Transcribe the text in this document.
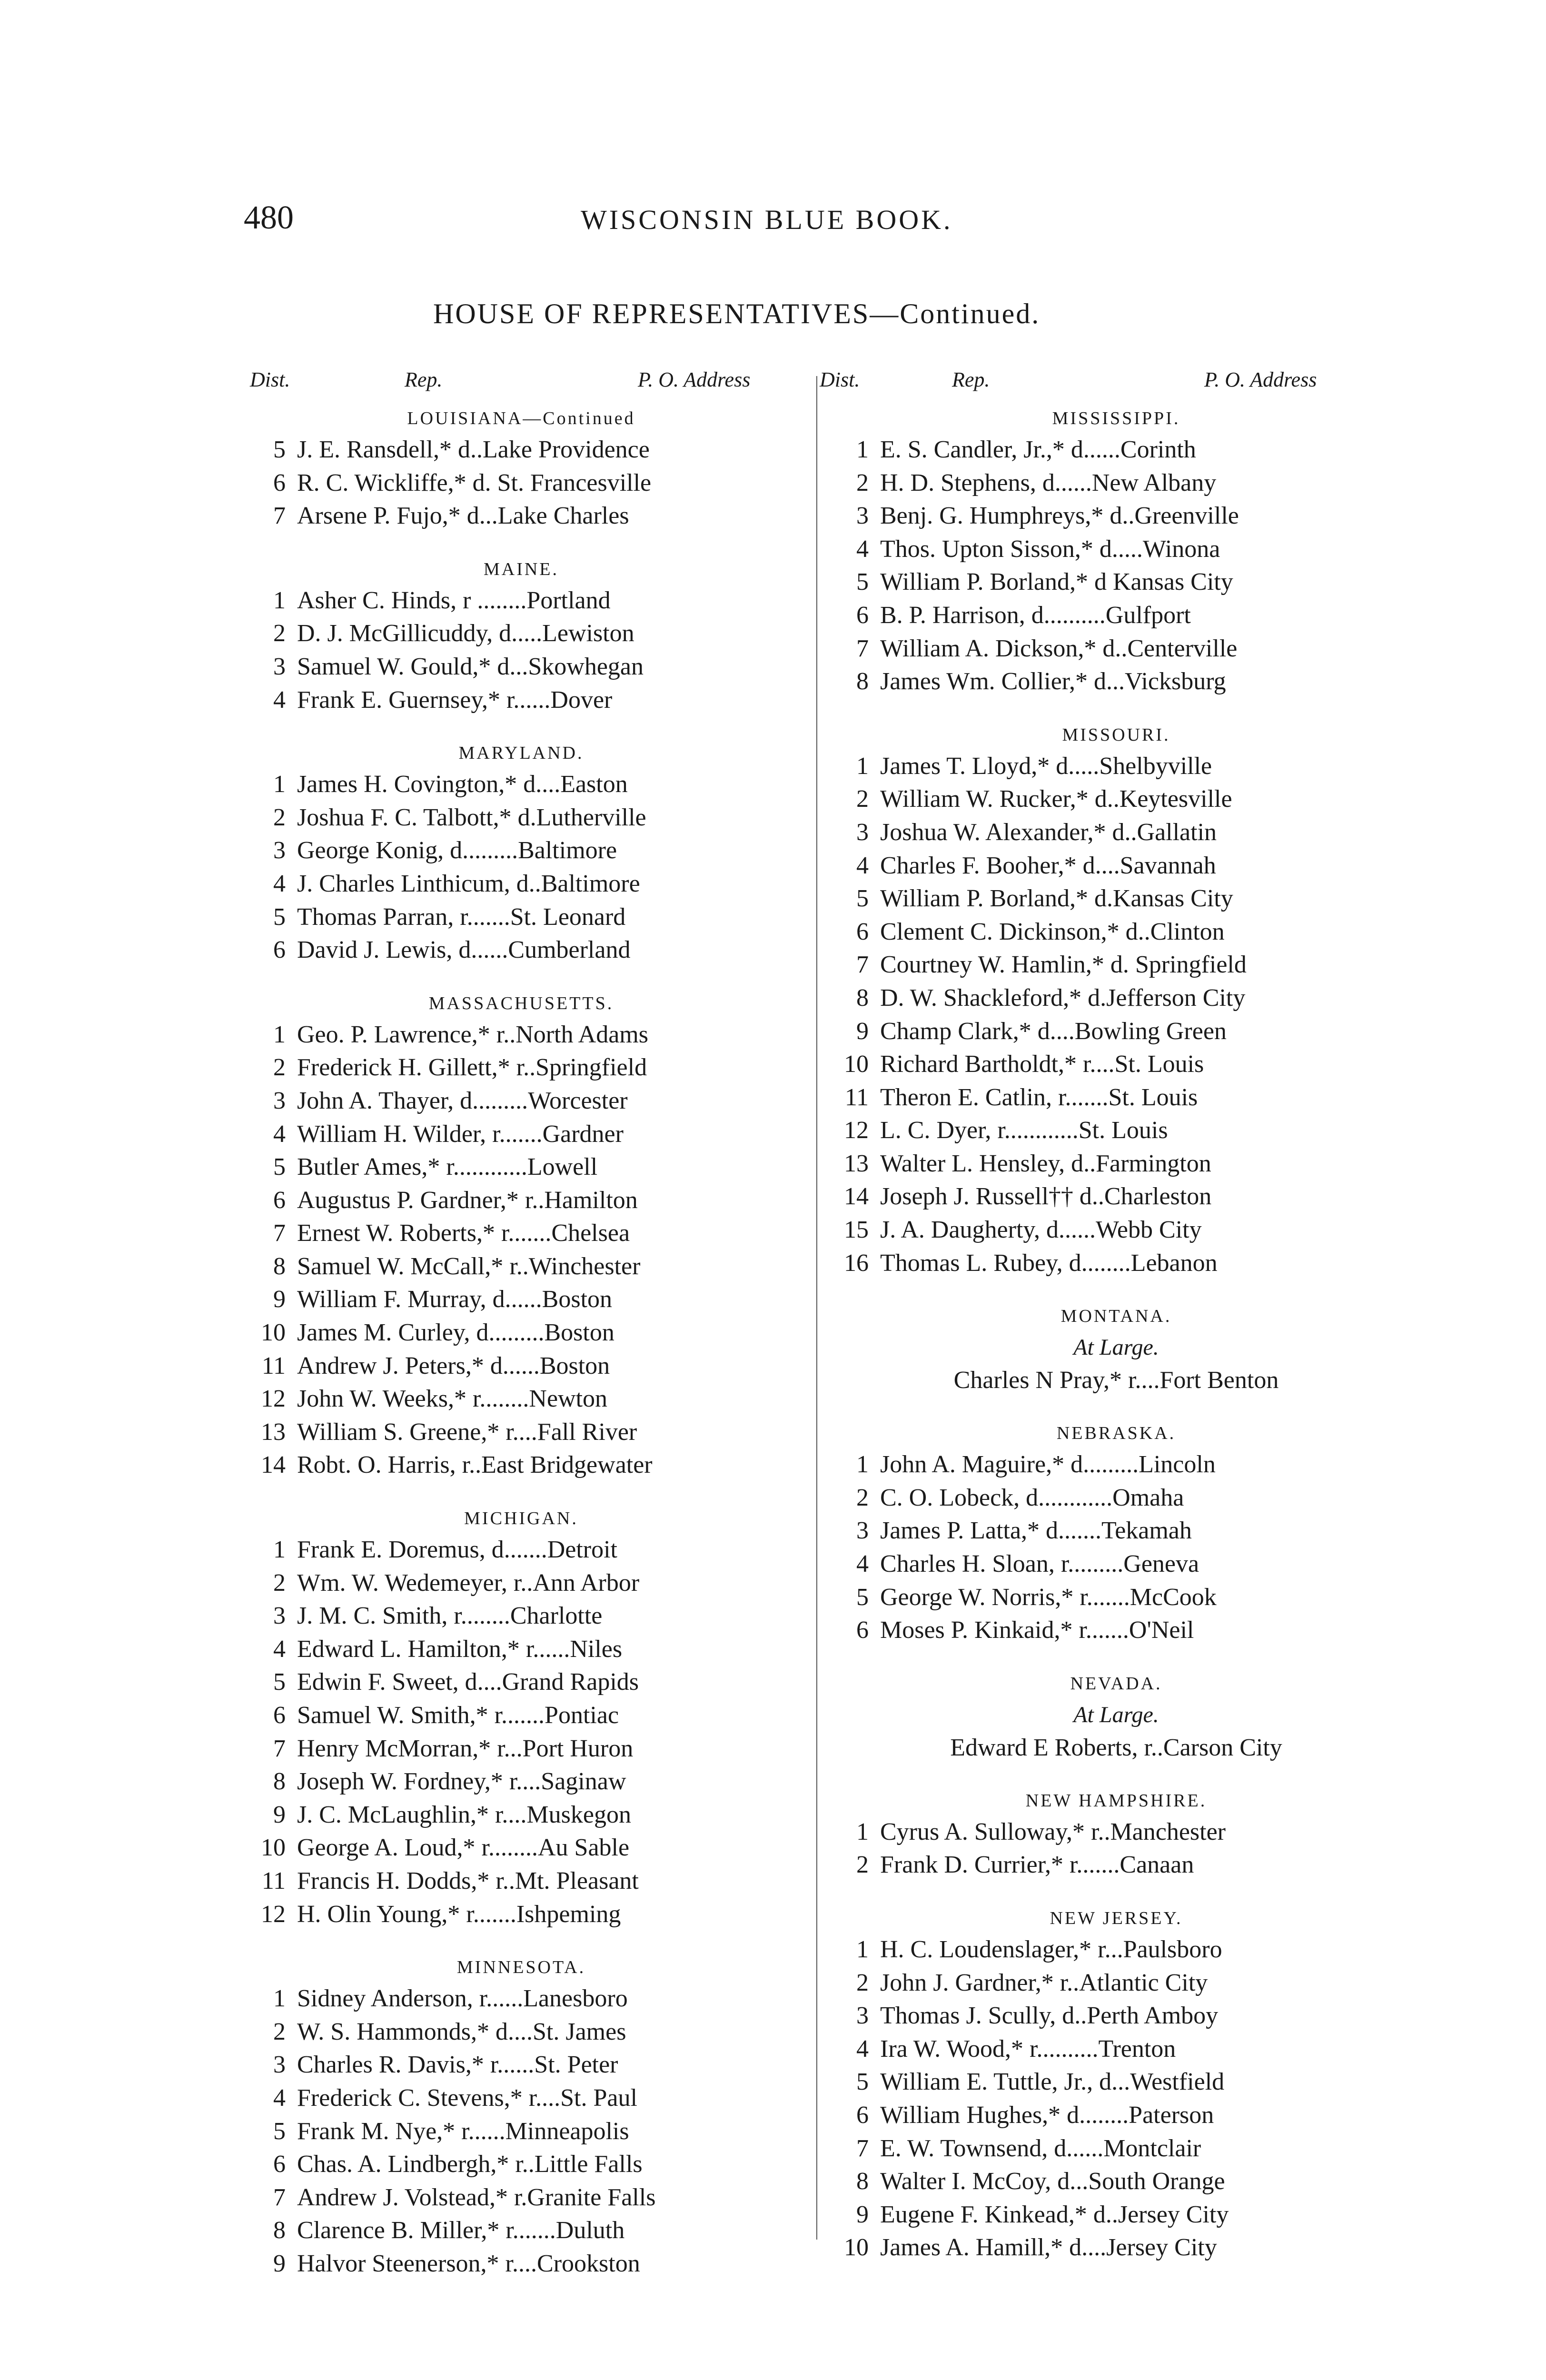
480	WISCONSIN BLUE BOOK.
HOUSE OF REPRESENTATIVES—Continued.
Dist.	Rep.	P. O. Address	Dist.	Rep.	P. O. Address
LOUISIANA—Continued
5 J. E. Ransdell,* d..Lake Providence
6 R. C. Wickliffe,* d. St. Francesville
7 Arsene P. Fujo,* d...Lake Charles
MAINE.
1 Asher C. Hinds, r ........Portland
2 D. J. McGillicuddy, d.....Lewiston
3 Samuel W. Gould,* d...Skowhegan
4 Frank E. Guernsey,* r......Dover
MARYLAND.
1 James H. Covington,* d....Easton
2 Joshua F. C. Talbott,* d.Lutherville
3 George Konig, d.........Baltimore
4 J. Charles Linthicum, d..Baltimore
5 Thomas Parran, r.......St. Leonard
6 David J. Lewis, d......Cumberland
MASSACHUSETTS.
1 Geo. P. Lawrence,* r..North Adams
2 Frederick H. Gillett,* r..Springfield
3 John A. Thayer, d.........Worcester
4 William H. Wilder, r.......Gardner
5 Butler Ames,* r............Lowell
6 Augustus P. Gardner,* r..Hamilton
7 Ernest W. Roberts,* r.......Chelsea
8 Samuel W. McCall,* r..Winchester
9 William F. Murray, d......Boston
10 James M. Curley, d.........Boston
11 Andrew J. Peters,* d......Boston
12 John W. Weeks,* r........Newton
13 William S. Greene,* r....Fall River
14 Robt. O. Harris, r..East Bridgewater
MICHIGAN.
1 Frank E. Doremus, d.......Detroit
2 Wm. W. Wedemeyer, r..Ann Arbor
3 J. M. C. Smith, r........Charlotte
4 Edward L. Hamilton,* r......Niles
5 Edwin F. Sweet, d....Grand Rapids
6 Samuel W. Smith,* r.......Pontiac
7 Henry McMorran,* r...Port Huron
8 Joseph W. Fordney,* r....Saginaw
9 J. C. McLaughlin,* r....Muskegon
10 George A. Loud,* r........Au Sable
11 Francis H. Dodds,* r..Mt. Pleasant
12 H. Olin Young,* r.......Ishpeming
MINNESOTA.
1 Sidney Anderson, r......Lanesboro
2 W. S. Hammonds,* d....St. James
3 Charles R. Davis,* r......St. Peter
4 Frederick C. Stevens,* r....St. Paul
5 Frank M. Nye,* r......Minneapolis
6 Chas. A. Lindbergh,* r..Little Falls
7 Andrew J. Volstead,* r.Granite Falls
8 Clarence B. Miller,* r.......Duluth
9 Halvor Steenerson,* r....Crookston
MISSISSIPPI.
1 E. S. Candler, Jr.,* d......Corinth
2 H. D. Stephens, d......New Albany
3 Benj. G. Humphreys,* d..Greenville
4 Thos. Upton Sisson,* d.....Winona
5 William P. Borland,* d Kansas City
6 B. P. Harrison, d..........Gulfport
7 William A. Dickson,* d..Centerville
8 James Wm. Collier,* d...Vicksburg
MISSOURI.
1 James T. Lloyd,* d.....Shelbyville
2 William W. Rucker,* d..Keytesville
3 Joshua W. Alexander,* d..Gallatin
4 Charles F. Booher,* d....Savannah
5 William P. Borland,* d.Kansas City
6 Clement C. Dickinson,* d..Clinton
7 Courtney W. Hamlin,* d. Springfield
8 D. W. Shackleford,* d.Jefferson City
9 Champ Clark,* d....Bowling Green
10 Richard Bartholdt,* r....St. Louis
11 Theron E. Catlin, r.......St. Louis
12 L. C. Dyer, r............St. Louis
13 Walter L. Hensley, d..Farmington
14 Joseph J. Russell†† d..Charleston
15 J. A. Daugherty, d......Webb City
16 Thomas L. Rubey, d........Lebanon
MONTANA.
At Large.
Charles N Pray,* r....Fort Benton
NEBRASKA.
1 John A. Maguire,* d.........Lincoln
2 C. O. Lobeck, d............Omaha
3 James P. Latta,* d.......Tekamah
4 Charles H. Sloan, r.........Geneva
5 George W. Norris,* r.......McCook
6 Moses P. Kinkaid,* r.......O'Neil
NEVADA.
At Large.
Edward E Roberts, r..Carson City
NEW HAMPSHIRE.
1 Cyrus A. Sulloway,* r..Manchester
2 Frank D. Currier,* r.......Canaan
NEW JERSEY.
1 H. C. Loudenslager,* r...Paulsboro
2 John J. Gardner,* r..Atlantic City
3 Thomas J. Scully, d..Perth Amboy
4 Ira W. Wood,* r..........Trenton
5 William E. Tuttle, Jr., d...Westfield
6 William Hughes,* d........Paterson
7 E. W. Townsend, d......Montclair
8 Walter I. McCoy, d...South Orange
9 Eugene F. Kinkead,* d..Jersey City
10 James A. Hamill,* d....Jersey City
